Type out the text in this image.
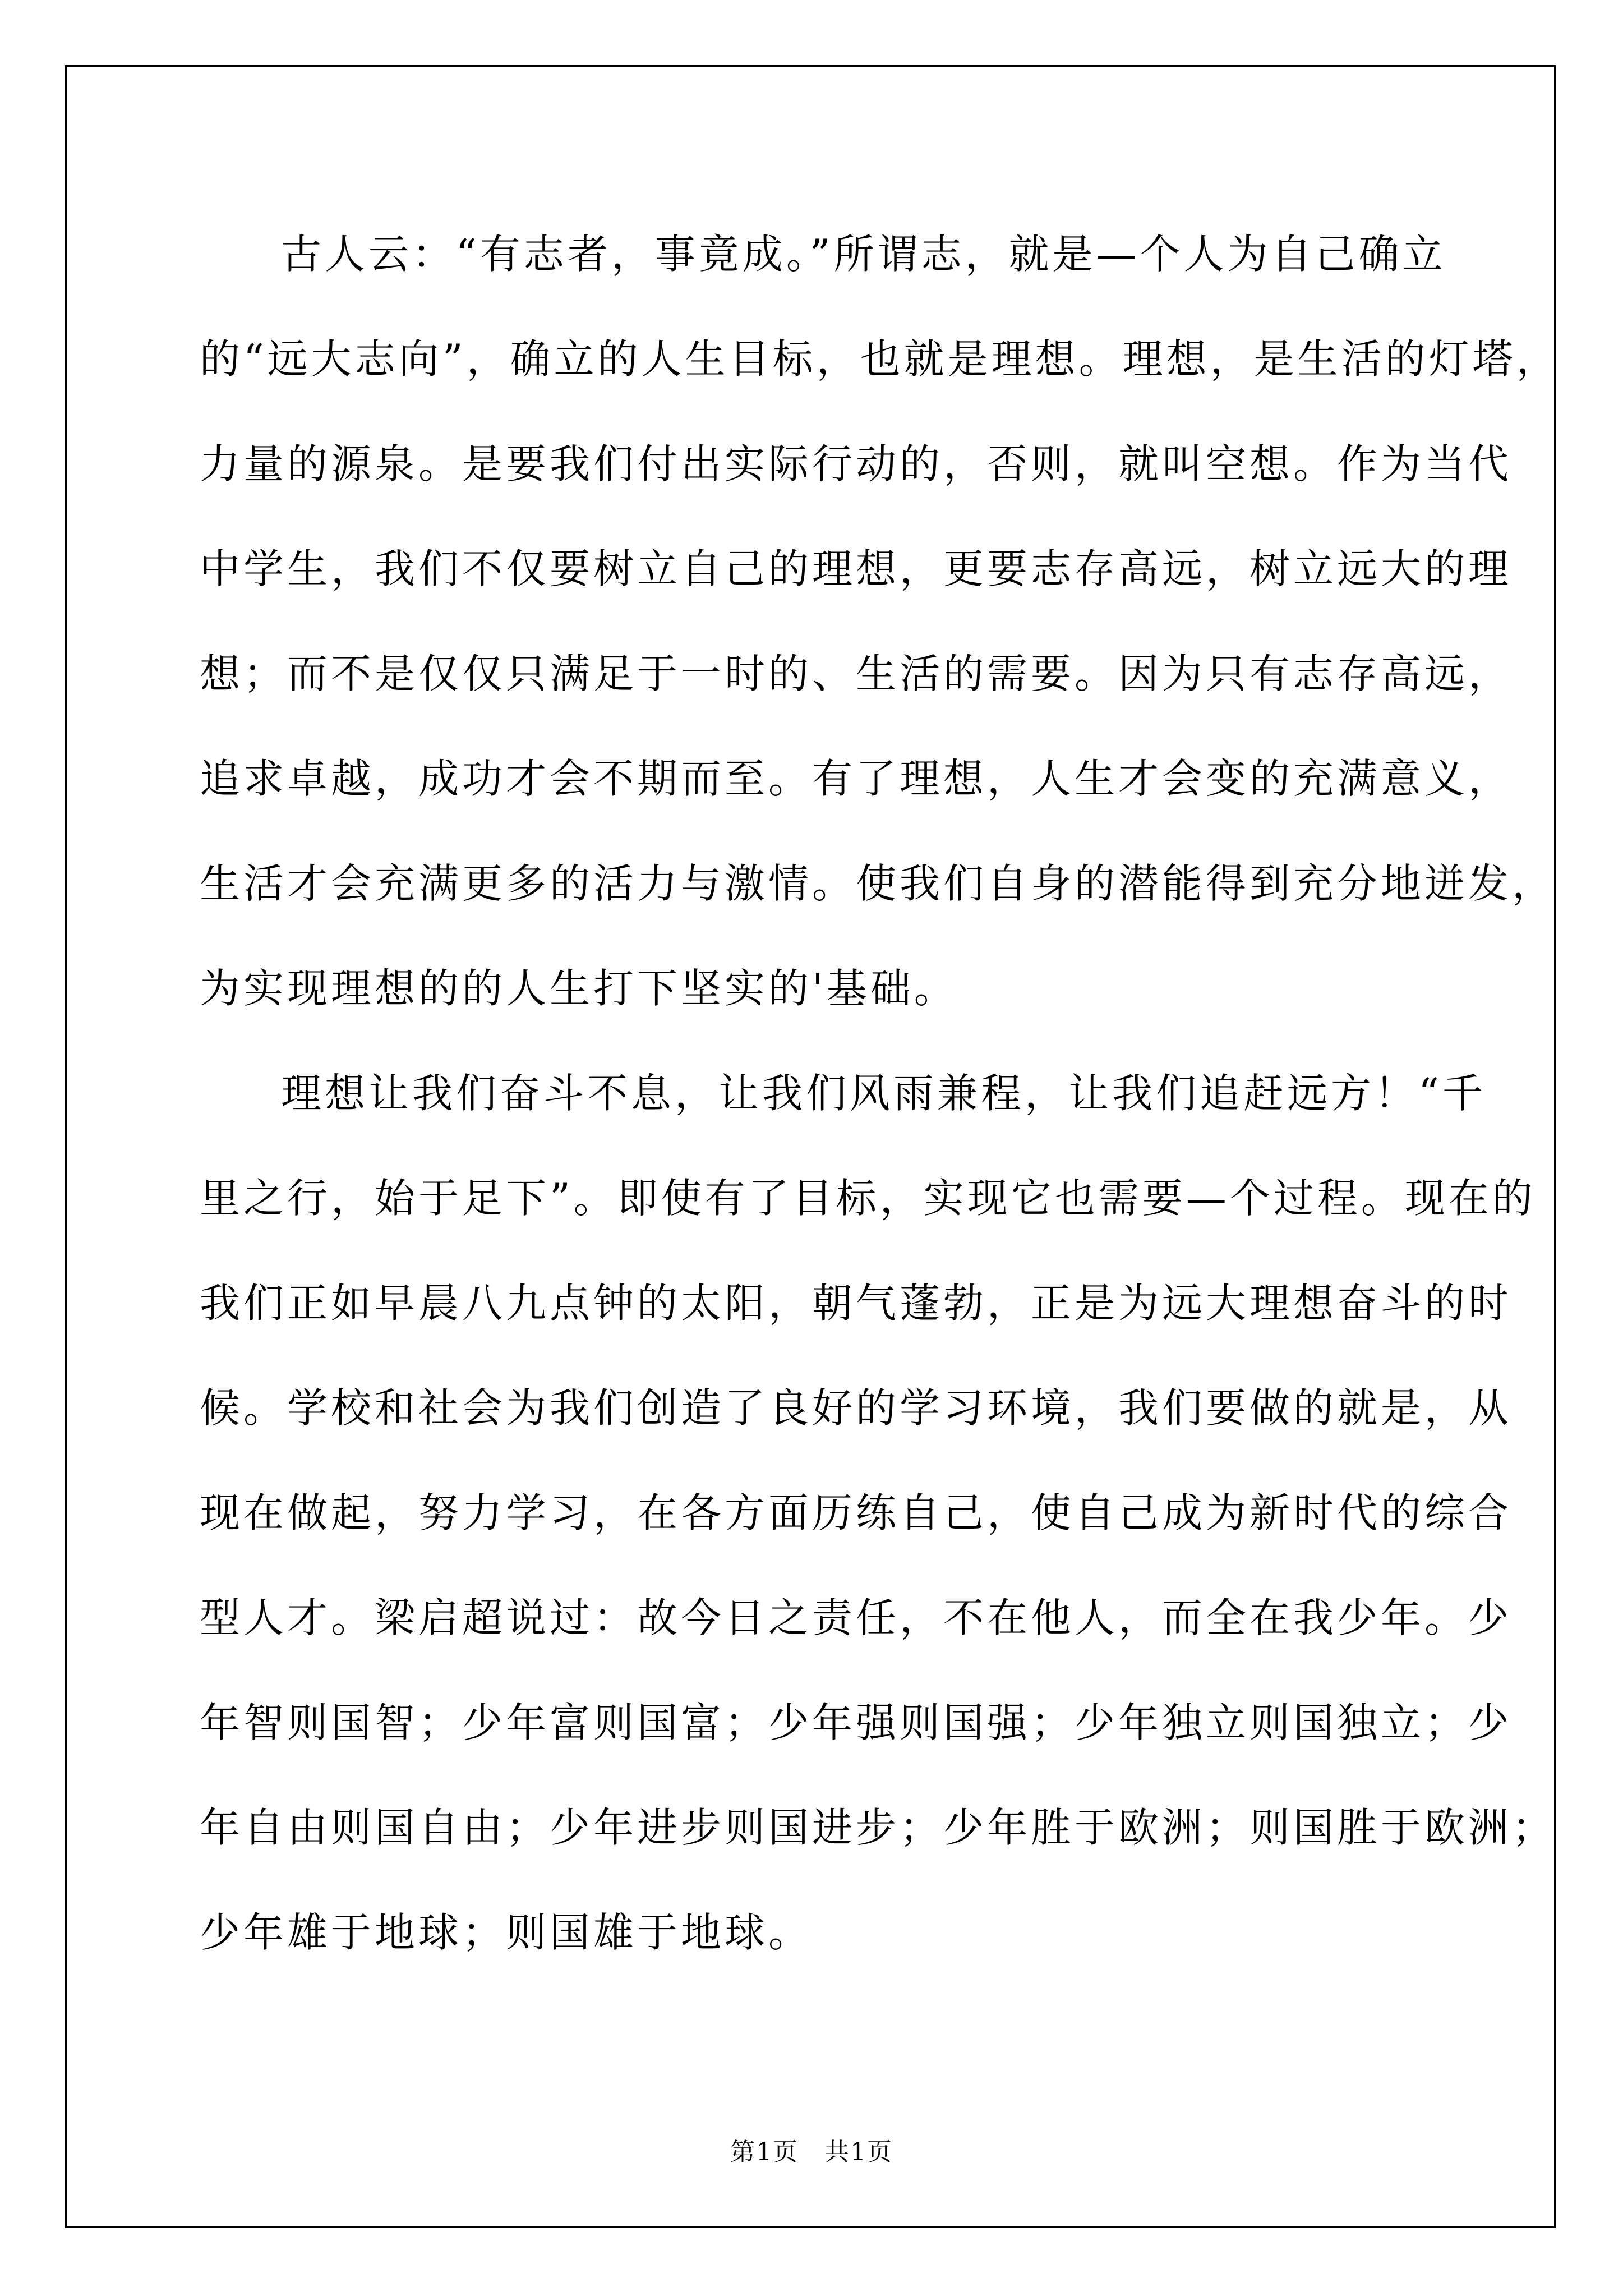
古人云：“有志者，事竟成。”所谓志，就是—个人为自己确立
的“远大志向”，确立的人生目标，也就是理想。理想，是生活的灯塔，
力量的源泉。是要我们付出实际行动的，否则，就叫空想。作为当代
中学生，我们不仅要树立自己的理想，更要志存高远，树立远大的理
想；而不是仅仅只满足于一时的、生活的需要。因为只有志存高远，
追求卓越，成功才会不期而至。有了理想，人生才会变的充满意义，
生活才会充满更多的活力与激情。使我们自身的潜能得到充分地迸发，
为实现理想的的人生打下坚实的'基础。
理想让我们奋斗不息，让我们风雨兼程，让我们追赶远方！“千
里之行，始于足下”。即使有了目标，实现它也需要—个过程。现在的
我们正如早晨八九点钟的太阳，朝气蓬勃，正是为远大理想奋斗的时
候。学校和社会为我们创造了良好的学习环境，我们要做的就是，从
现在做起，努力学习，在各方面历练自己，使自己成为新时代的综合
型人才。梁启超说过：故今日之责任，不在他人，而全在我少年。少
年智则国智；少年富则国富；少年强则国强；少年独立则国独立；少
年自由则国自由；少年进步则国进步；少年胜于欧洲；则国胜于欧洲；
少年雄于地球；则国雄于地球。
第1页　共1页
